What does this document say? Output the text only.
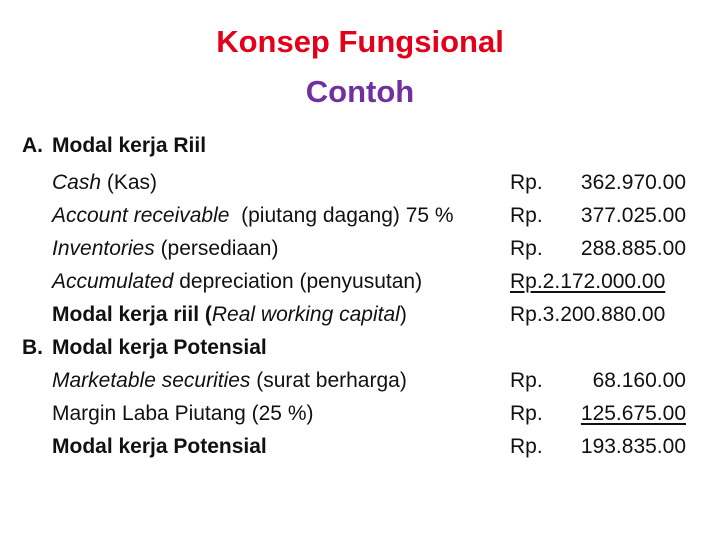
Konsep Fungsional
Contoh
A. Modal kerja Riil
Cash (Kas)	Rp. 362.970.00
Account receivable  (piutang dagang) 75 %	Rp. 377.025.00
Inventories (persediaan)	Rp. 288.885.00
Accumulated depreciation (penyusutan)	Rp.2.172.000.00
Modal kerja riil (Real working capital)	Rp.3.200.880.00
B. Modal kerja Potensial
Marketable securities (surat berharga)	Rp. 68.160.00
Margin Laba Piutang (25 %)	Rp. 125.675.00
Modal kerja Potensial	Rp. 193.835.00
